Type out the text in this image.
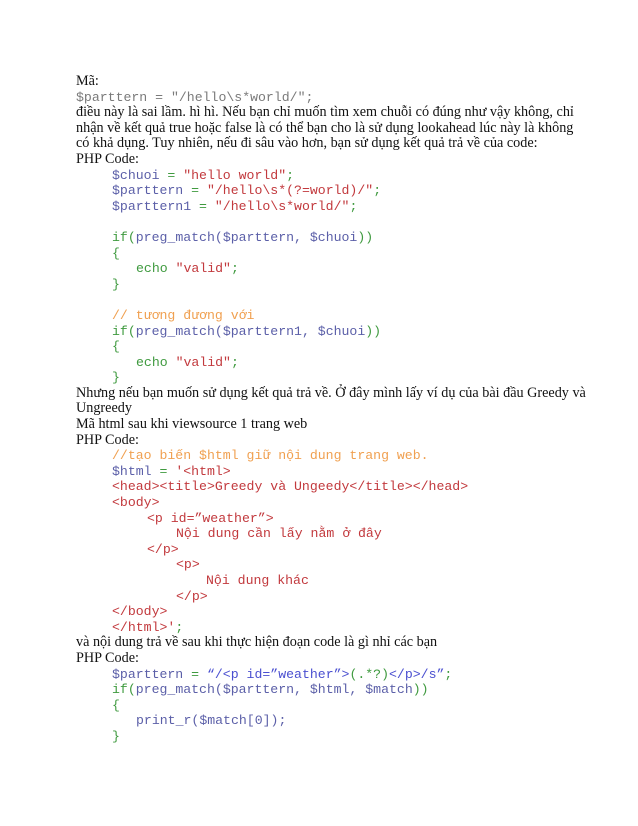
Mã:
$parttern = "/hello\s*world/";
điều này là sai lầm. hì hì. Nếu bạn chỉ muốn tìm xem chuỗi có đúng như vậy không, chỉ
nhận về kết quả true hoặc false là có thể bạn cho là sử dụng lookahead lúc này là không
có khả dụng. Tuy nhiên, nếu đi sâu vào hơn, bạn sử dụng kết quả trả về của code:
PHP Code:
$chuoi = "hello world";
$parttern = "/hello\s*(?=world)/";
$parttern1 = "/hello\s*world/";
if(preg_match($parttern, $chuoi))
{
echo "valid";
}
// tương đương với
if(preg_match($parttern1, $chuoi))
{
echo "valid";
}
Nhưng nếu bạn muốn sử dụng kết quả trả về. Ở đây mình lấy ví dụ của bài đầu Greedy và
Ungreedy
Mã html sau khi viewsource 1 trang web
PHP Code:
//tạo biến $html giữ nội dung trang web.
$html = '<html>
<head><title>Greedy và Ungeedy</title></head>
<body>
<p id=”weather”>
Nội dung cần lấy nằm ở đây
</p>
<p>
Nội dung khác
</p>
</body>
</html>';
và nội dung trả về sau khi thực hiện đoạn code là gì nhỉ các bạn
PHP Code:
$parttern = “/<p id=”weather”>(.*?)</p>/s”;
if(preg_match($parttern, $html, $match))
{
print_r($match[0]);
}
